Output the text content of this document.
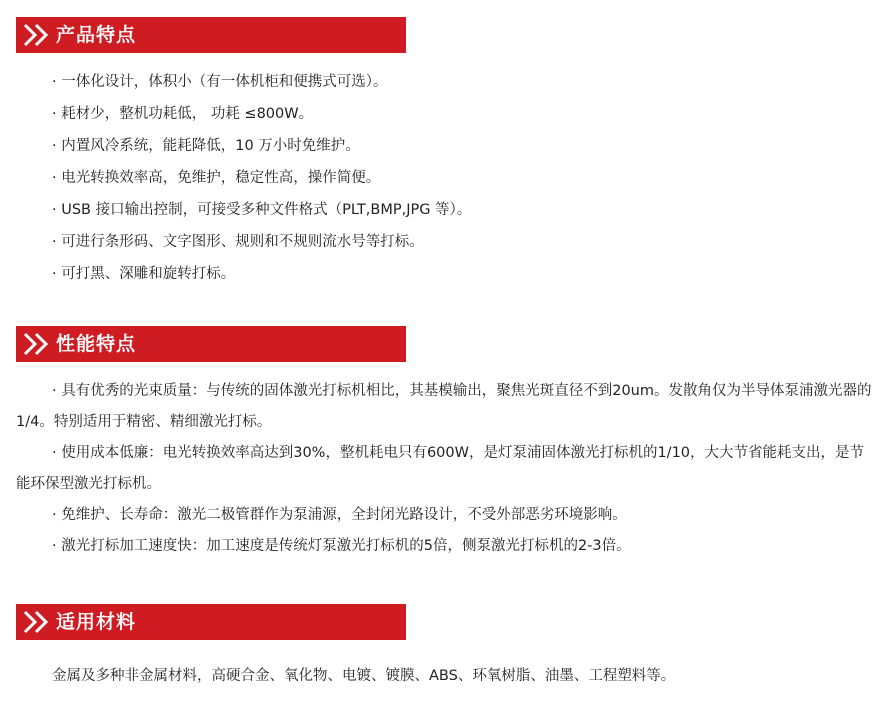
产品特点
· 一体化设计，体积小（有一体机柜和便携式可选）。
· 耗材少，整机功耗低， 功耗 ≤800W。
· 内置风冷系统，能耗降低，10 万小时免维护。
· 电光转换效率高，免维护，稳定性高，操作简便。
· USB 接口输出控制，可接受多种文件格式（PLT,BMP,JPG 等）。
· 可进行条形码、文字图形、规则和不规则流水号等打标。
· 可打黑、深雕和旋转打标。
性能特点

· 具有优秀的光束质量：与传统的固体激光打标机相比，其基模输出，聚焦光斑直径不到20um。发散角仅为半导体泵浦激光器的1/4。特别适用于精密、精细激光打标。

· 使用成本低廉：电光转换效率高达到30%，整机耗电只有600W，是灯泵浦固体激光打标机的1/10，大大节省能耗支出，是节能环保型激光打标机。

· 免维护、长寿命：激光二极管群作为泵浦源，全封闭光路设计，不受外部恶劣环境影响。

· 激光打标加工速度快：加工速度是传统灯泵激光打标机的5倍，侧泵激光打标机的2-3倍。

适用材料
金属及多种非金属材料，高硬合金、氧化物、电镀、镀膜、ABS、环氧树脂、油墨、工程塑料等。
